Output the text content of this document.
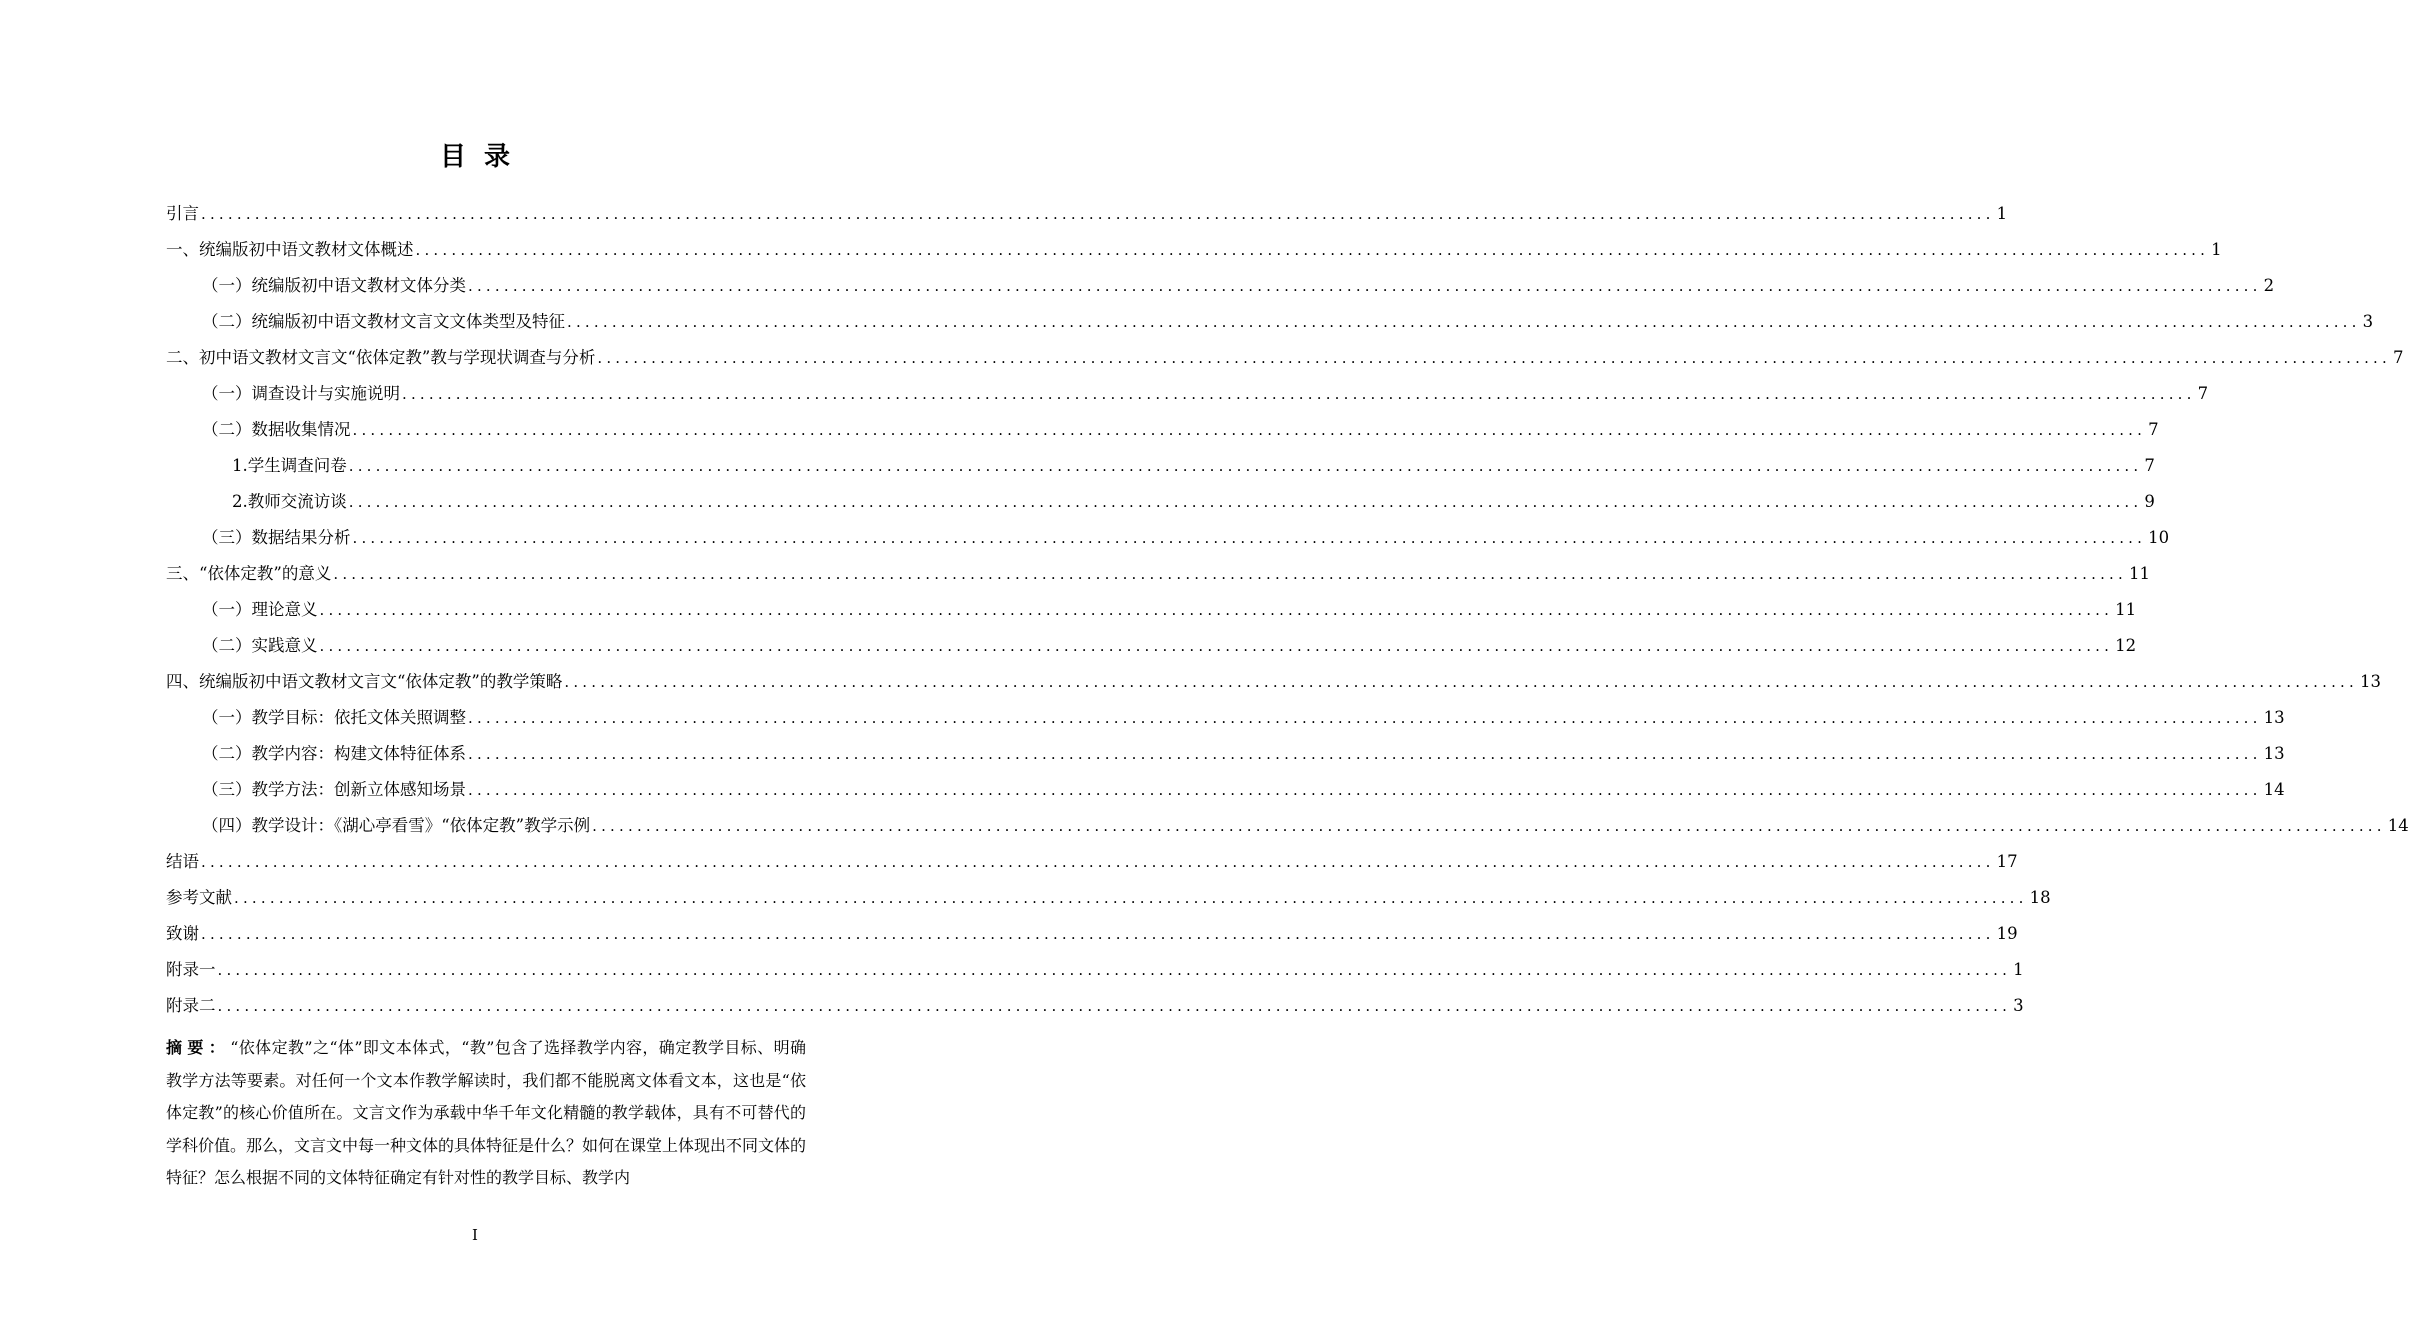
目录
引言 ........................................................................................................................................................................................................ 1
一、统编版初中语文教材文体概述 ........................................................................................................................................................................................................ 1
（一）统编版初中语文教材文体分类 ........................................................................................................................................................................................................ 2
（二）统编版初中语文教材文言文文体类型及特征 ........................................................................................................................................................................................................ 3
二、初中语文教材文言文“依体定教”教与学现状调查与分析 ........................................................................................................................................................................................................ 7
（一）调查设计与实施说明 ........................................................................................................................................................................................................ 7
（二）数据收集情况 ........................................................................................................................................................................................................ 7
1.学生调查问卷 ........................................................................................................................................................................................................ 7
2.教师交流访谈 ........................................................................................................................................................................................................ 9
（三）数据结果分析 ........................................................................................................................................................................................................ 10
三、“依体定教”的意义 ........................................................................................................................................................................................................ 11
（一）理论意义 ........................................................................................................................................................................................................ 11
（二）实践意义 ........................................................................................................................................................................................................ 12
四、统编版初中语文教材文言文“依体定教”的教学策略 ........................................................................................................................................................................................................ 13
（一）教学目标：依托文体关照调整 ........................................................................................................................................................................................................ 13
（二）教学内容：构建文体特征体系 ........................................................................................................................................................................................................ 13
（三）教学方法：创新立体感知场景 ........................................................................................................................................................................................................ 14
（四）教学设计：《湖心亭看雪》“依体定教”教学示例 ........................................................................................................................................................................................................ 14
结语 ........................................................................................................................................................................................................ 17
参考文献 ........................................................................................................................................................................................................ 18
致谢 ........................................................................................................................................................................................................ 19
附录一 ........................................................................................................................................................................................................ 1
附录二 ........................................................................................................................................................................................................ 3
摘要：“依体定教”之“体”即文本体式，“教”包含了选择教学内容，确定教学目标、明确教学方法等要素。对任何一个文本作教学解读时，我们都不能脱离文体看文本，这也是“依体定教”的核心价值所在。文言文作为承载中华千年文化精髓的教学载体，具有不可替代的学科价值。那么，文言文中每一种文体的具体特征是什么？如何在课堂上体现出不同文体的特征？怎么根据不同的文体特征确定有针对性的教学目标、教学内
I
